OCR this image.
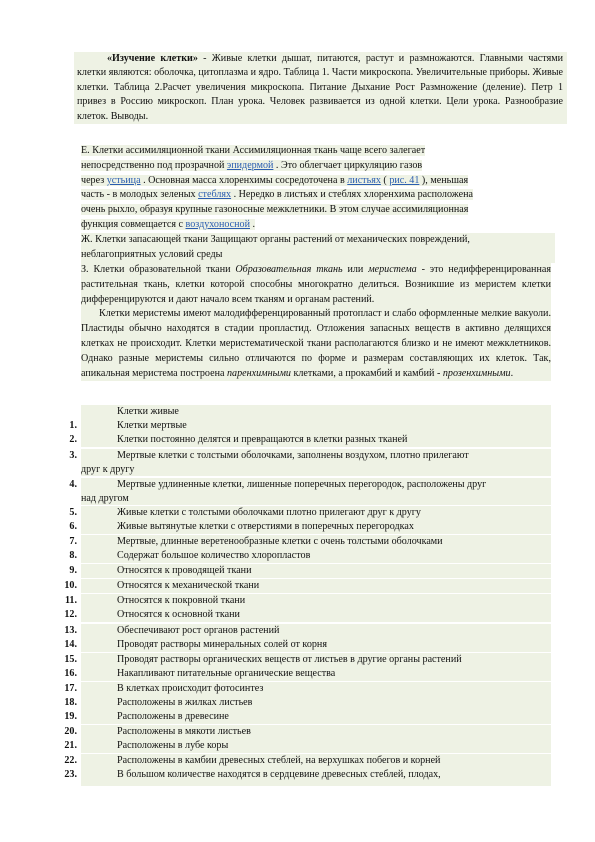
«Изучение клетки» - Живые клетки дышат, питаются, растут и размножаются. Главными частями клетки являются: оболочка, цитоплазма и ядро. Таблица 1. Части микроскопа. Увеличительные приборы. Живые клетки. Таблица 2.Расчет увеличения микроскопа. Питание Дыхание Рост Размножение (деление). Петр 1 привез в Россию микроскоп. План урока. Человек развивается из одной клетки. Цели урока. Разнообразие клеток. Выводы.
Е. Клетки ассимиляционной ткани Ассимиляционная ткань чаще всего залегает
непосредственно под прозрачной эпидермой . Это облегчает циркуляцию газов
через устьица . Основная масса хлоренхимы сосредоточена в листьях ( рис. 41 ), меньшая
часть - в молодых зеленых стеблях . Нередко в листьях и стеблях хлоренхима расположена
очень рыхло, образуя крупные газоносные межклетники. В этом случае ассимиляционная
функция совмещается с воздухоносной .
Ж. Клетки запасающей ткани Защищают органы растений от механических повреждений,
неблагоприятных условий среды

З. Клетки образовательной ткани Образовательная ткань или меристема - это недифференцированная растительная ткань, клетки которой способны многократно делиться. Возникшие из меристем клетки дифференцируются и дают начало всем тканям и органам растений.

Клетки меристемы имеют малодифференцированный протопласт и слабо оформленные мелкие вакуоли. Пластиды обычно находятся в стадии пропластид. Отложения запасных веществ в активно делящихся клетках не происходит. Клетки меристематической ткани располагаются близко и не имеют межклетников. Однако разные меристемы сильно отличаются по форме и размерам составляющих их клеток. Так, апикальная меристема построена паренхимными клетками, а прокамбий и камбий - прозенхимными.

Клетки живые
1.	Клетки мертвые
2.	Клетки постоянно делятся и превращаются в клетки разных тканей
3.	Мертвые клетки с толстыми оболочками, заполнены воздухом, плотно прилегают
друг к другу
4.	Мертвые удлиненные клетки, лишенные поперечных перегородок, расположены друг
над другом
5.	Живые клетки с толстыми оболочками плотно прилегают друг к другу
6.	Живые вытянутые клетки с отверстиями в поперечных перегородках
7.	Мертвые, длинные веретенообразные клетки с очень толстыми оболочками
8.	Содержат большое количество хлоропластов
9.	Относятся к проводящей ткани
10.	Относятся к механической ткани
11.	Относятся к покровной ткани
12.	Относятся к основной ткани
13.	Обеспечивают рост органов растений
14.	Проводят растворы минеральных солей от корня
15.	Проводят растворы органических веществ от листьев в другие органы растений
16.	Накапливают питательные органические вещества
17.	В клетках происходит фотосинтез
18.	Расположены в жилках листьев
19.	Расположены в древесине
20.	Расположены в мякоти листьев
21.	Расположены в лубе коры
22.	Расположены в камбии древесных стеблей, на верхушках побегов и корней
23.	В большом количестве находятся в сердцевине древесных стеблей, плодах,
